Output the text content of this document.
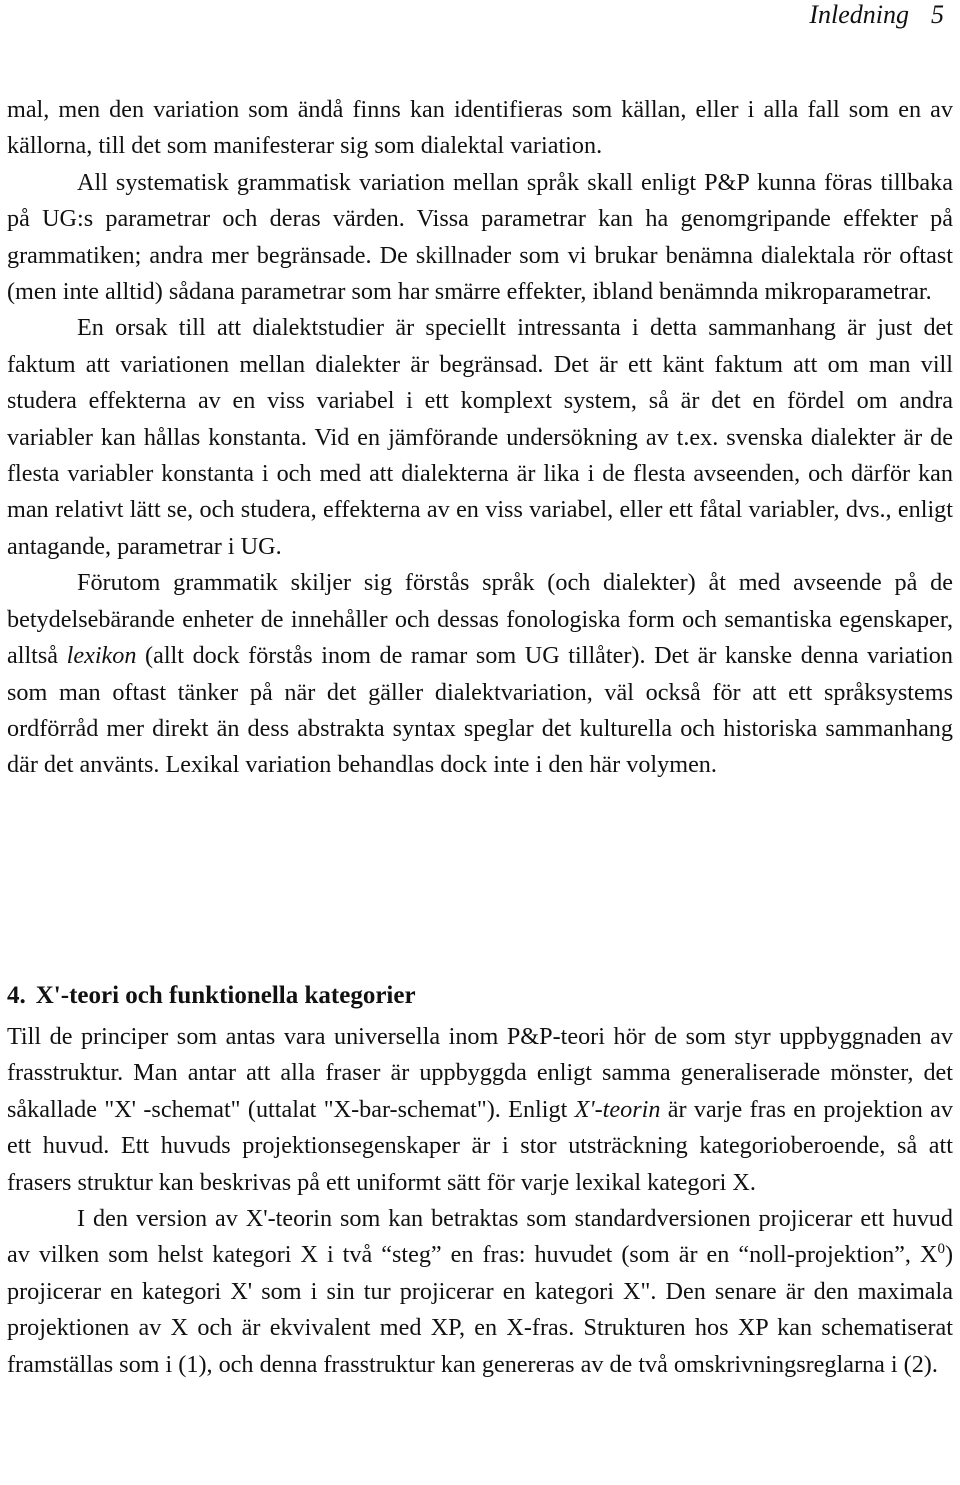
Inledning 5

mal, men den variation som ändå finns kan identifieras som källan, eller i alla fall som en av källorna, till det som manifesterar sig som dialektal variation.

All systematisk grammatisk variation mellan språk skall enligt P&P kunna föras tillbaka på UG:s parametrar och deras värden. Vissa parametrar kan ha genomgripande effekter på grammatiken; andra mer begränsade. De skillnader som vi brukar benämna dialektala rör oftast (men inte alltid) sådana parametrar som har smärre effekter, ibland benämnda mikroparametrar.

En orsak till att dialektstudier är speciellt intressanta i detta sammanhang är just det faktum att variationen mellan dialekter är begränsad. Det är ett känt faktum att om man vill studera effekterna av en viss variabel i ett komplext system, så är det en fördel om andra variabler kan hållas konstanta. Vid en jämförande undersökning av t.ex. svenska dialekter är de flesta variabler konstanta i och med att dialekterna är lika i de flesta avseenden, och därför kan man relativt lätt se, och studera, effekterna av en viss variabel, eller ett fåtal variabler, dvs., enligt antagande, parametrar i UG.

Förutom grammatik skiljer sig förstås språk (och dialekter) åt med avseende på de betydelsebärande enheter de innehåller och dessas fonologiska form och semantiska egenskaper, alltså lexikon (allt dock förstås inom de ramar som UG tillåter). Det är kanske denna variation som man oftast tänker på när det gäller dialektvariation, väl också för att ett språksystems ordförråd mer direkt än dess abstrakta syntax speglar det kulturella och historiska sammanhang där det använts. Lexikal variation behandlas dock inte i den här volymen.

4. X'-teori och funktionella kategorier

Till de principer som antas vara universella inom P&P-teori hör de som styr uppbyggnaden av frasstruktur. Man antar att alla fraser är uppbyggda enligt samma generaliserade mönster, det såkallade "X' -schemat" (uttalat "X-bar-schemat"). Enligt X'-teorin är varje fras en projektion av ett huvud. Ett huvuds projektionsegenskaper är i stor utsträckning kategorioberoende, så att frasers struktur kan beskrivas på ett uniformt sätt för varje lexikal kategori X.

I den version av X'-teorin som kan betraktas som standardversionen projicerar ett huvud av vilken som helst kategori X i två “steg” en fras: huvudet (som är en “noll-projektion”, $X^0$) projicerar en kategori X' som i sin tur projicerar en kategori X". Den senare är den maximala projektionen av X och är ekvivalent med XP, en X-fras. Strukturen hos XP kan schematiserat framställas som i (1), och denna frasstruktur kan genereras av de två omskrivningsreglarna i (2).
